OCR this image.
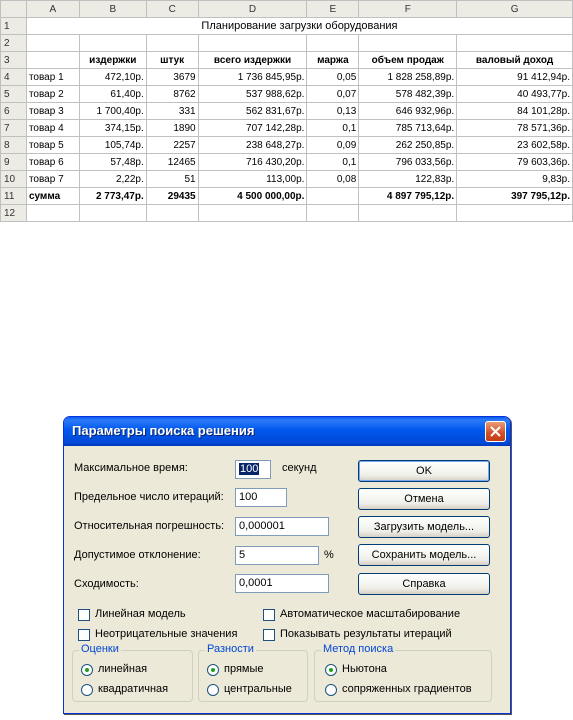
	A	B	C	D	E	F	G
1	Планирование загрузки оборудования						
2							
3		издержки	штук	всего издержки	маржа	объем продаж	валовый доход
4	товар 1	472,10р.	3679	1 736 845,95р.	0,05	1 828 258,89р.	91 412,94р.
5	товар 2	61,40р.	8762	537 988,62р.	0,07	578 482,39р.	40 493,77р.
6	товар 3	1 700,40р.	331	562 831,67р.	0,13	646 932,96р.	84 101,28р.
7	товар 4	374,15р.	1890	707 142,28р.	0,1	785 713,64р.	78 571,36р.
8	товар 5	105,74р.	2257	238 648,27р.	0,09	262 250,85р.	23 602,58р.
9	товар 6	57,48р.	12465	716 430,20р.	0,1	796 033,56р.	79 603,36р.
10	товар 7	2,22р.	51	113,00р.	0,08	122,83р.	9,83р.
11	сумма	2 773,47р.	29435	4 500 000,00р.		4 897 795,12р.	397 795,12р.
12							
Параметры поиска решения
Максимальное время:	100	секунд
Предельное число итераций:	100
Относительная погрешность:	0,000001
Допустимое отклонение:	5	%
Сходимость:	0,0001
OK
Отмена
Загрузить модель...
Сохранить модель...
Справка
Линейная модель	Автоматическое масштабирование
Неотрицательные значения	Показывать результаты итераций
Оценки
линейная
квадратичная
Разности
прямые
центральные
Метод поиска
Ньютона
сопряженных градиентов
